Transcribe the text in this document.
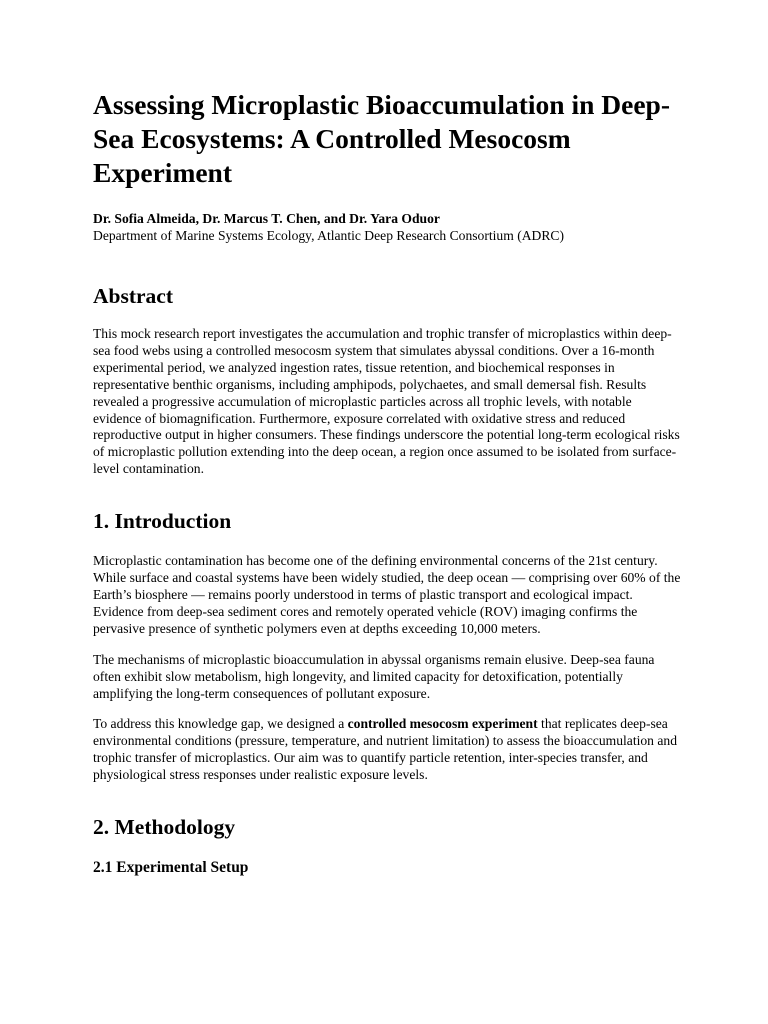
Assessing Microplastic Bioaccumulation in Deep-Sea Ecosystems: A Controlled Mesocosm Experiment
Dr. Sofia Almeida, Dr. Marcus T. Chen, and Dr. Yara Oduor
Department of Marine Systems Ecology, Atlantic Deep Research Consortium (ADRC)
Abstract

This mock research report investigates the accumulation and trophic transfer of microplastics within deep-sea food webs using a controlled mesocosm system that simulates abyssal conditions. Over a 16-month experimental period, we analyzed ingestion rates, tissue retention, and biochemical responses in representative benthic organisms, including amphipods, polychaetes, and small demersal fish. Results revealed a progressive accumulation of microplastic particles across all trophic levels, with notable evidence of biomagnification. Furthermore, exposure correlated with oxidative stress and reduced reproductive output in higher consumers. These findings underscore the potential long-term ecological risks of microplastic pollution extending into the deep ocean, a region once assumed to be isolated from surface-level contamination.

1. Introduction

Microplastic contamination has become one of the defining environmental concerns of the 21st century. While surface and coastal systems have been widely studied, the deep ocean — comprising over 60% of the Earth’s biosphere — remains poorly understood in terms of plastic transport and ecological impact. Evidence from deep-sea sediment cores and remotely operated vehicle (ROV) imaging confirms the pervasive presence of synthetic polymers even at depths exceeding 10,000 meters.

The mechanisms of microplastic bioaccumulation in abyssal organisms remain elusive. Deep-sea fauna often exhibit slow metabolism, high longevity, and limited capacity for detoxification, potentially amplifying the long-term consequences of pollutant exposure.

To address this knowledge gap, we designed a controlled mesocosm experiment that replicates deep-sea environmental conditions (pressure, temperature, and nutrient limitation) to assess the bioaccumulation and trophic transfer of microplastics. Our aim was to quantify particle retention, inter-species transfer, and physiological stress responses under realistic exposure levels.

2. Methodology
2.1 Experimental Setup
